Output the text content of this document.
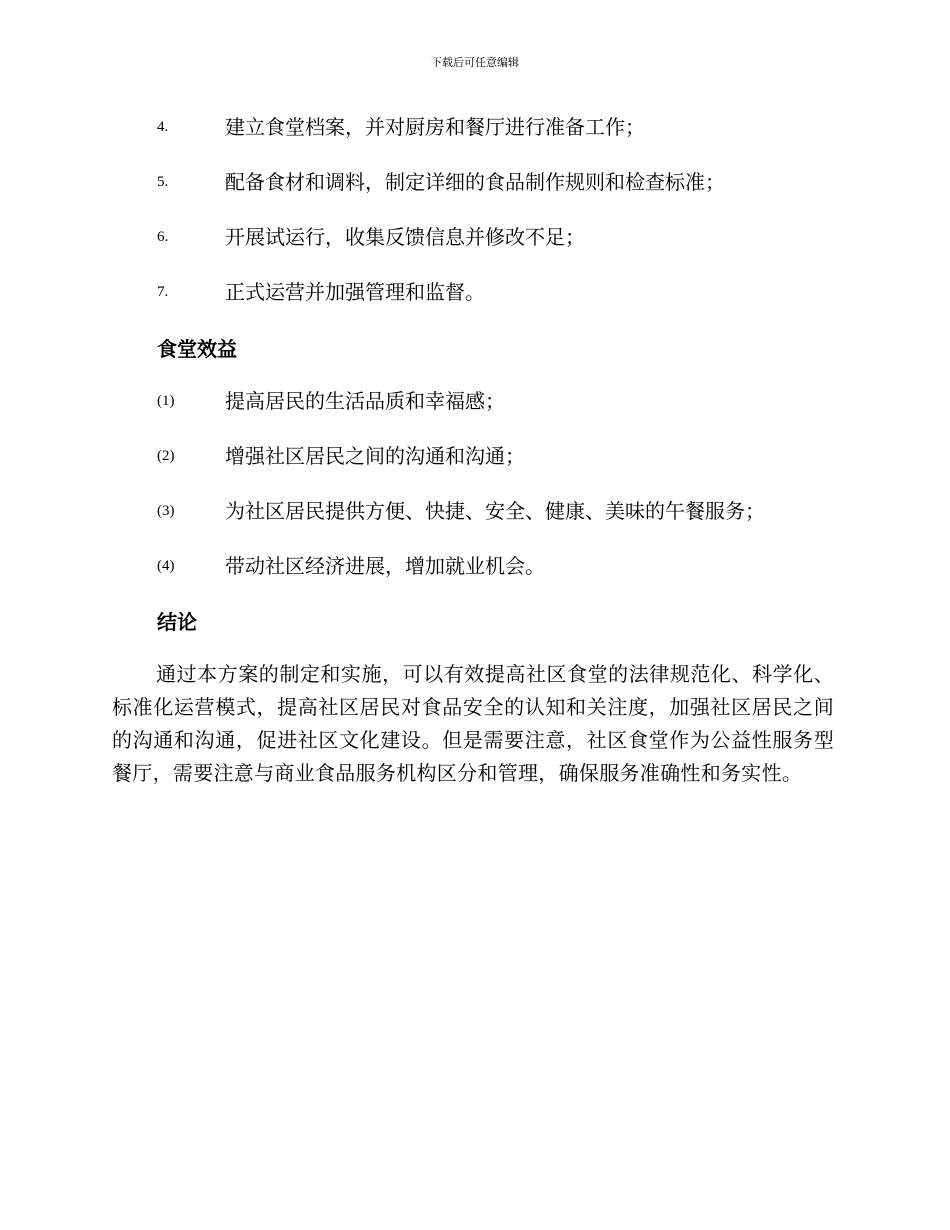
下载后可任意编辑
4.	建立食堂档案，并对厨房和餐厅进行准备工作；
5.	配备食材和调料，制定详细的食品制作规则和检查标准；
6.	开展试运行，收集反馈信息并修改不足；
7.	正式运营并加强管理和监督。
食堂效益
(1)	提高居民的生活品质和幸福感；
(2)	增强社区居民之间的沟通和沟通；
(3)	为社区居民提供方便、快捷、安全、健康、美味的午餐服务；
(4)	带动社区经济进展，增加就业机会。
结论

通过本方案的制定和实施，可以有效提高社区食堂的法律规范化、科学化、标准化运营模式，提高社区居民对食品安全的认知和关注度，加强社区居民之间的沟通和沟通，促进社区文化建设。但是需要注意，社区食堂作为公益性服务型餐厅，需要注意与商业食品服务机构区分和管理，确保服务准确性和务实性。
